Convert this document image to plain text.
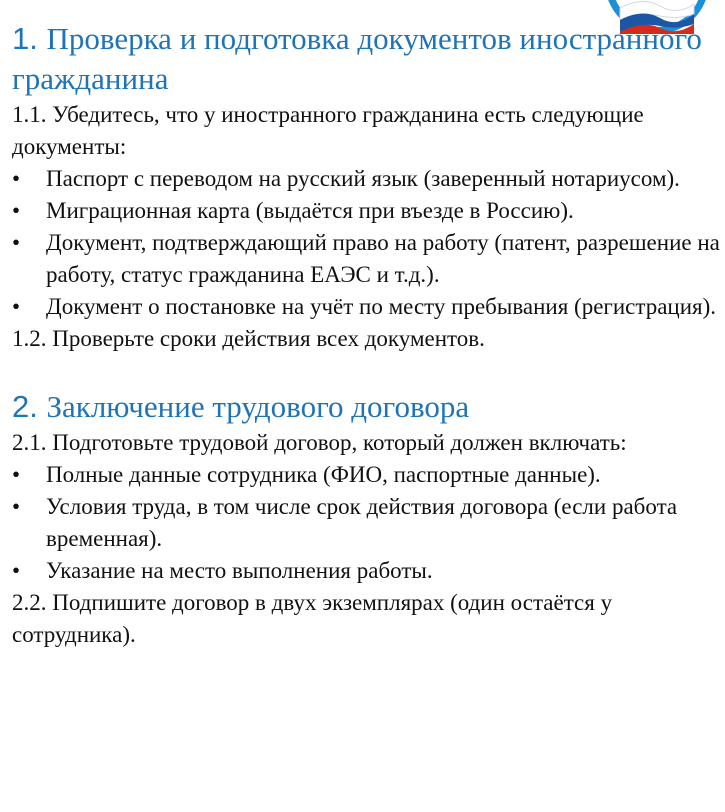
1. Проверка и подготовка документов иностранного гражданина

1.1. Убедитесь, что у иностранного гражданина есть следующие документы:

•	Паспорт с переводом на русский язык (заверенный нотариусом).
•	Миграционная карта (выдаётся при въезде в Россию).
•	Документ, подтверждающий право на работу (патент, разрешение на работу, статус гражданина ЕАЭС и т.д.).
•	Документ о постановке на учёт по месту пребывания (регистрация).

1.2. Проверьте сроки действия всех документов.

2. Заключение трудового договора

2.1. Подготовьте трудовой договор, который должен включать:

•	Полные данные сотрудника (ФИО, паспортные данные).
•	Условия труда, в том числе срок действия договора (если работа временная).
•	Указание на место выполнения работы.

2.2. Подпишите договор в двух экземплярах (один остаётся у сотрудника).
